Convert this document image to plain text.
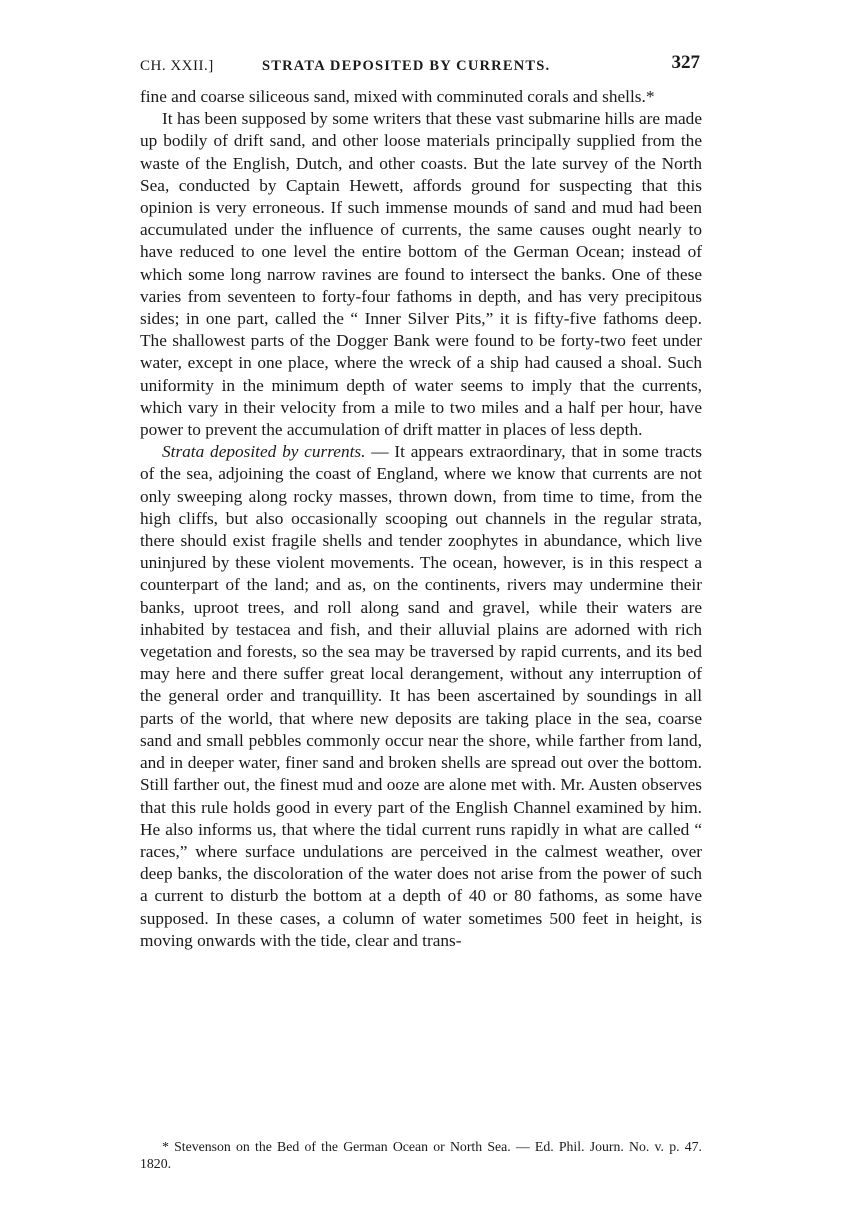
CH. XXII.]	STRATA DEPOSITED BY CURRENTS.	327

fine and coarse siliceous sand, mixed with comminuted corals and shells.*

It has been supposed by some writers that these vast submarine hills are made up bodily of drift sand, and other loose materials principally supplied from the waste of the English, Dutch, and other coasts. But the late survey of the North Sea, conducted by Captain Hewett, affords ground for suspecting that this opinion is very erroneous. If such immense mounds of sand and mud had been accumulated under the influence of currents, the same causes ought nearly to have reduced to one level the entire bottom of the German Ocean; instead of which some long narrow ravines are found to intersect the banks. One of these varies from seventeen to forty-four fathoms in depth, and has very precipitous sides; in one part, called the “ Inner Silver Pits,” it is fifty-five fathoms deep. The shallowest parts of the Dogger Bank were found to be forty-two feet under water, except in one place, where the wreck of a ship had caused a shoal. Such uniformity in the minimum depth of water seems to imply that the currents, which vary in their velocity from a mile to two miles and a half per hour, have power to prevent the accumulation of drift matter in places of less depth.

Strata deposited by currents. — It appears extraordinary, that in some tracts of the sea, adjoining the coast of England, where we know that currents are not only sweeping along rocky masses, thrown down, from time to time, from the high cliffs, but also occasionally scooping out channels in the regular strata, there should exist fragile shells and tender zoophytes in abundance, which live uninjured by these violent movements. The ocean, however, is in this respect a counterpart of the land; and as, on the continents, rivers may undermine their banks, uproot trees, and roll along sand and gravel, while their waters are inhabited by testacea and fish, and their alluvial plains are adorned with rich vegetation and forests, so the sea may be traversed by rapid currents, and its bed may here and there suffer great local derangement, without any interruption of the general order and tranquillity. It has been ascertained by soundings in all parts of the world, that where new deposits are taking place in the sea, coarse sand and small pebbles commonly occur near the shore, while farther from land, and in deeper water, finer sand and broken shells are spread out over the bottom. Still farther out, the finest mud and ooze are alone met with. Mr. Austen observes that this rule holds good in every part of the English Channel examined by him. He also informs us, that where the tidal current runs rapidly in what are called “ races,” where surface undulations are perceived in the calmest weather, over deep banks, the discoloration of the water does not arise from the power of such a current to disturb the bottom at a depth of 40 or 80 fathoms, as some have supposed. In these cases, a column of water sometimes 500 feet in height, is moving onwards with the tide, clear and trans-

* Stevenson on the Bed of the German Ocean or North Sea. — Ed. Phil. Journ. No. v. p. 47. 1820.
